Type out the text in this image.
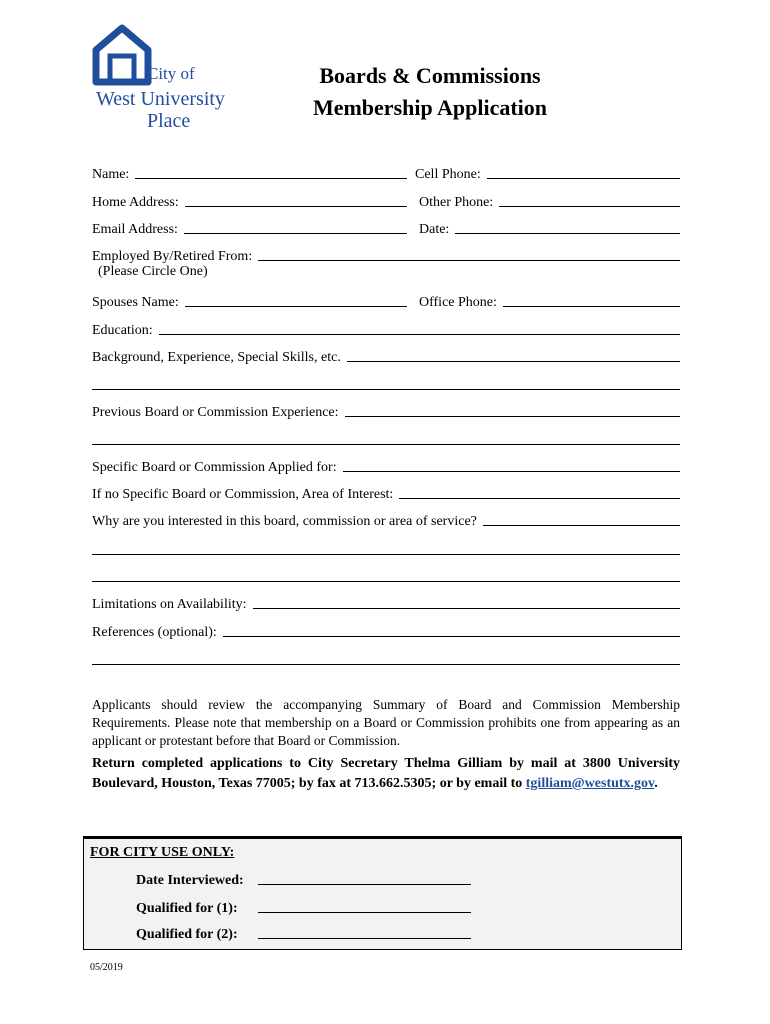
City of
West University
Place
Boards & Commissions
Membership Application
Name:	Cell Phone:
Home Address:	Other Phone:
Email Address:	Date:
Employed By/Retired From:
(Please Circle One)
Spouses Name:	Office Phone:
Education:
Background, Experience, Special Skills, etc.
Previous Board or Commission Experience:
Specific Board or Commission Applied for:
If no Specific Board or Commission, Area of Interest:
Why are you interested in this board, commission or area of service?
Limitations on Availability:
References (optional):
Applicants should review the accompanying Summary of Board and Commission Membership Requirements. Please note that membership on a Board or Commission prohibits one from appearing as an applicant or protestant before that Board or Commission.
Return completed applications to City Secretary Thelma Gilliam by mail at 3800 University Boulevard, Houston, Texas 77005; by fax at 713.662.5305; or by email to tgilliam@westutx.gov.
FOR CITY USE ONLY:
Date Interviewed:
Qualified for (1):
Qualified for (2):
05/2019
